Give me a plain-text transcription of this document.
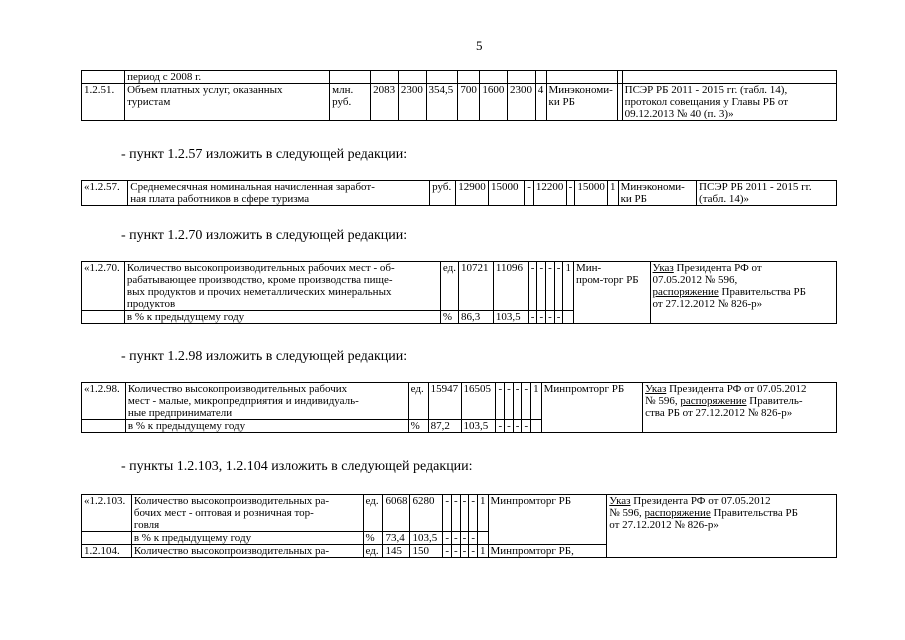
5
	период с 2008 г.											
1.2.51.	Объем платных услуг, оказанных
туристам	млн.
руб.	2083	2300	354,5	700	1600	2300	4	Минэкономи-
ки РБ		ПСЭР РБ 2011 - 2015 гг. (табл. 14),
протокол совещания у Главы РБ от
09.12.2013 № 40 (п. 3)»
- пункт 1.2.57 изложить в следующей редакции:
«1.2.57.	Среднемесячная номинальная начисленная заработ-
ная плата работников в сфере туризма	руб.	12900	15000	-	12200	-	15000	1	Минэкономи-
ки РБ	ПСЭР РБ 2011 - 2015 гг.
(табл. 14)»
- пункт 1.2.70 изложить в следующей редакции:
«1.2.70.	Количество высокопроизводительных рабочих мест - об-
рабатывающее производство, кроме производства пище-
вых продуктов и прочих неметаллических минеральных
продуктов	ед.	10721	11096	-	-	-	-	1	Мин-
пром-торг РБ	Указ Президента РФ от
07.05.2012 № 596,
распоряжение Правительства РБ
от 27.12.2012 № 826-р»
	в % к предыдущему году	%	86,3	103,5	-	-	-	-			
- пункт 1.2.98 изложить в следующей редакции:
«1.2.98.	Количество высокопроизводительных рабочих
мест - малые, микропредприятия и индивидуаль-
ные предприниматели	ед.	15947	16505	-	-	-	-	1	Минпромторг РБ	Указ Президента РФ от 07.05.2012
№ 596, распоряжение Правитель-
ства РБ от 27.12.2012 № 826-р»
	в % к предыдущему году	%	87,2	103,5	-	-	-	-			
- пункты 1.2.103, 1.2.104 изложить в следующей редакции:
«1.2.103.	Количество высокопроизводительных ра-
бочих мест - оптовая и розничная тор-
говля	ед.	6068	6280	-	-	-	-	1	Минпромторг РБ	Указ Президента РФ от 07.05.2012
№ 596, распоряжение Правительства РБ
от 27.12.2012 № 826-р»
	в % к предыдущему году	%	73,4	103,5	-	-	-	-			
1.2.104.	Количество высокопроизводительных ра-	ед.	145	150	-	-	-	-	1	Минпромторг РБ,	
